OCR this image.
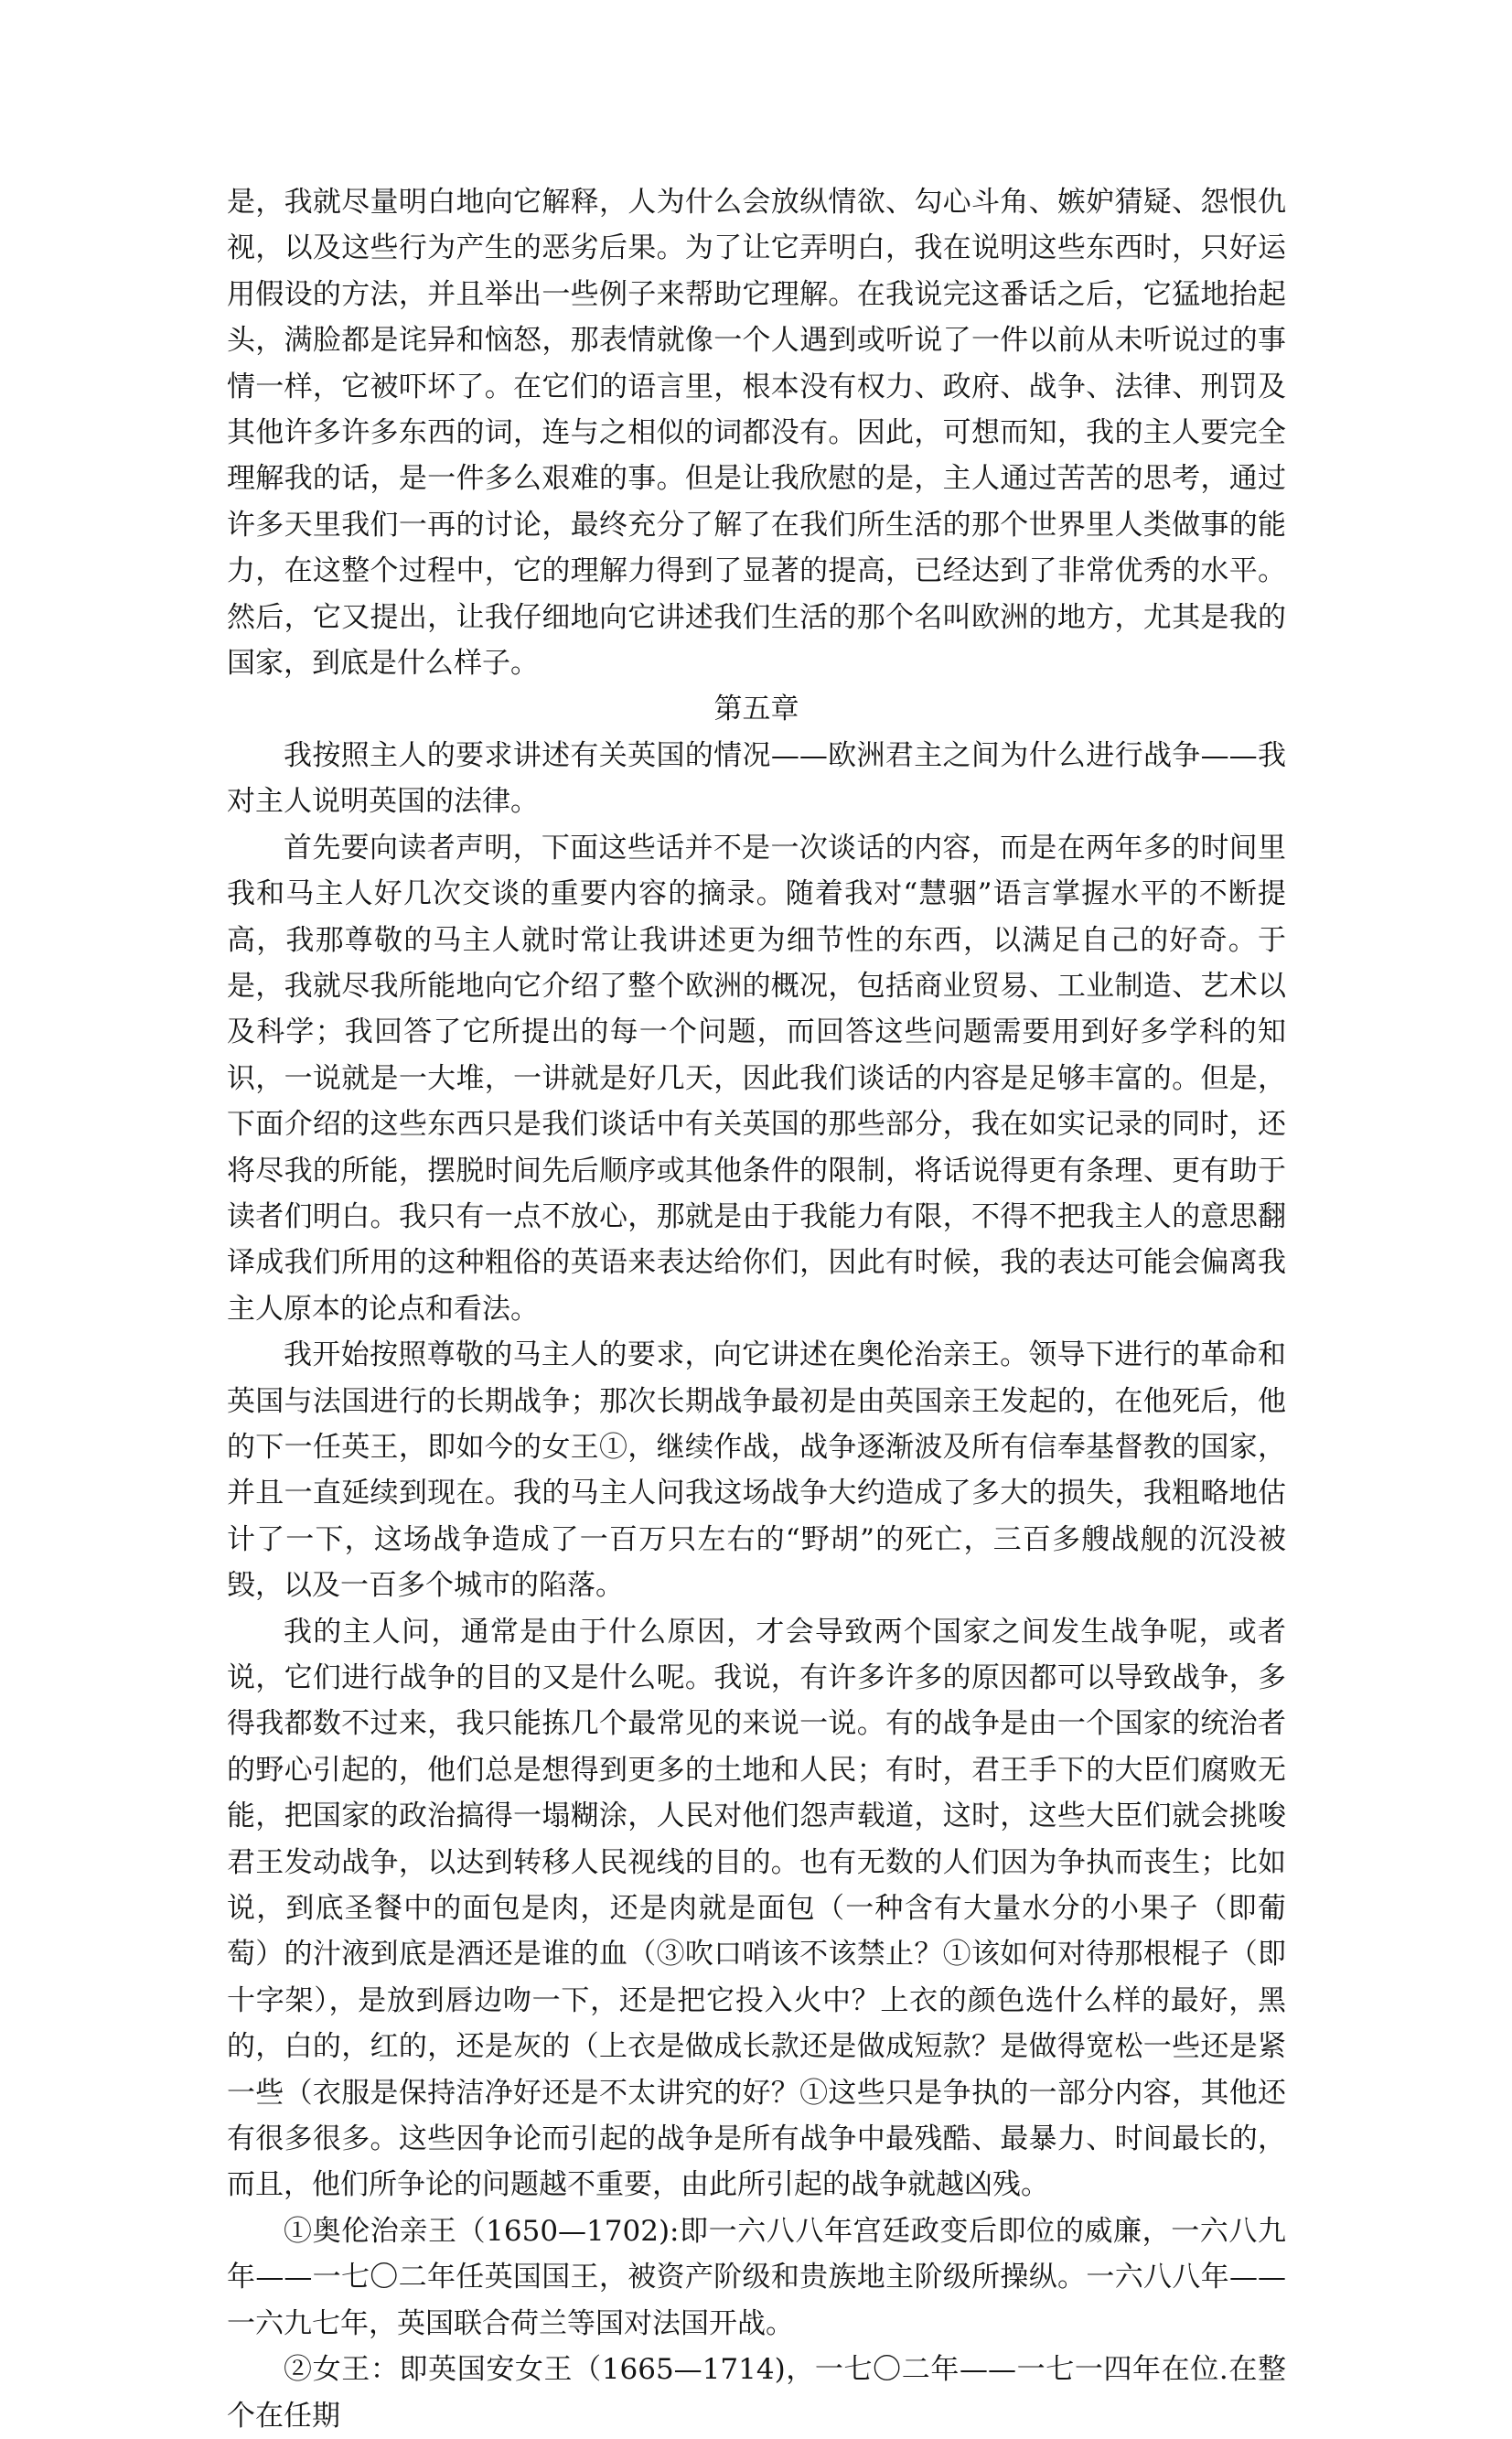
是，我就尽量明白地向它解释，人为什么会放纵情欲、勾心斗角、嫉妒猜疑、怨恨仇视，以及这些行为产生的恶劣后果。为了让它弄明白，我在说明这些东西时，只好运用假设的方法，并且举出一些例子来帮助它理解。在我说完这番话之后，它猛地抬起头，满脸都是诧异和恼怒，那表情就像一个人遇到或听说了一件以前从未听说过的事情一样，它被吓坏了。在它们的语言里，根本没有权力、政府、战争、法律、刑罚及其他许多许多东西的词，连与之相似的词都没有。因此，可想而知，我的主人要完全理解我的话，是一件多么艰难的事。但是让我欣慰的是，主人通过苦苦的思考，通过许多天里我们一再的讨论，最终充分了解了在我们所生活的那个世界里人类做事的能力，在这整个过程中，它的理解力得到了显著的提高，已经达到了非常优秀的水平。然后，它又提出，让我仔细地向它讲述我们生活的那个名叫欧洲的地方，尤其是我的国家，到底是什么样子。

第五章

我按照主人的要求讲述有关英国的情况——欧洲君主之间为什么进行战争——我对主人说明英国的法律。

首先要向读者声明，下面这些话并不是一次谈话的内容，而是在两年多的时间里我和马主人好几次交谈的重要内容的摘录。随着我对“慧骃”语言掌握水平的不断提高，我那尊敬的马主人就时常让我讲述更为细节性的东西，以满足自己的好奇。于是，我就尽我所能地向它介绍了整个欧洲的概况，包括商业贸易、工业制造、艺术以及科学；我回答了它所提出的每一个问题，而回答这些问题需要用到好多学科的知识，一说就是一大堆，一讲就是好几天，因此我们谈话的内容是足够丰富的。但是，下面介绍的这些东西只是我们谈话中有关英国的那些部分，我在如实记录的同时，还将尽我的所能，摆脱时间先后顺序或其他条件的限制，将话说得更有条理、更有助于读者们明白。我只有一点不放心，那就是由于我能力有限，不得不把我主人的意思翻译成我们所用的这种粗俗的英语来表达给你们，因此有时候，我的表达可能会偏离我主人原本的论点和看法。

我开始按照尊敬的马主人的要求，向它讲述在奥伦治亲王。领导下进行的革命和英国与法国进行的长期战争；那次长期战争最初是由英国亲王发起的，在他死后，他的下一任英王，即如今的女王①，继续作战，战争逐渐波及所有信奉基督教的国家，并且一直延续到现在。我的马主人问我这场战争大约造成了多大的损失，我粗略地估计了一下，这场战争造成了一百万只左右的“野胡”的死亡，三百多艘战舰的沉没被毁，以及一百多个城市的陷落。

我的主人问，通常是由于什么原因，才会导致两个国家之间发生战争呢，或者说，它们进行战争的目的又是什么呢。我说，有许多许多的原因都可以导致战争，多得我都数不过来，我只能拣几个最常见的来说一说。有的战争是由一个国家的统治者的野心引起的，他们总是想得到更多的土地和人民；有时，君王手下的大臣们腐败无能，把国家的政治搞得一塌糊涂，人民对他们怨声载道，这时，这些大臣们就会挑唆君王发动战争，以达到转移人民视线的目的。也有无数的人们因为争执而丧生；比如说，到底圣餐中的面包是肉，还是肉就是面包（一种含有大量水分的小果子（即葡萄）的汁液到底是酒还是谁的血（③吹口哨该不该禁止？①该如何对待那根棍子（即十字架），是放到唇边吻一下，还是把它投入火中？上衣的颜色选什么样的最好，黑的，白的，红的，还是灰的（上衣是做成长款还是做成短款？是做得宽松一些还是紧一些（衣服是保持洁净好还是不太讲究的好？①这些只是争执的一部分内容，其他还有很多很多。这些因争论而引起的战争是所有战争中最残酷、最暴力、时间最长的，而且，他们所争论的问题越不重要，由此所引起的战争就越凶残。

①奥伦治亲王（1650—1702):即一六八八年宫廷政变后即位的威廉，一六八九年——一七〇二年任英国国王，被资产阶级和贵族地主阶级所操纵。一六八八年——一六九七年，英国联合荷兰等国对法国开战。

②女王：即英国安女王（1665—1714)，一七〇二年——一七一四年在位.在整个在任期
